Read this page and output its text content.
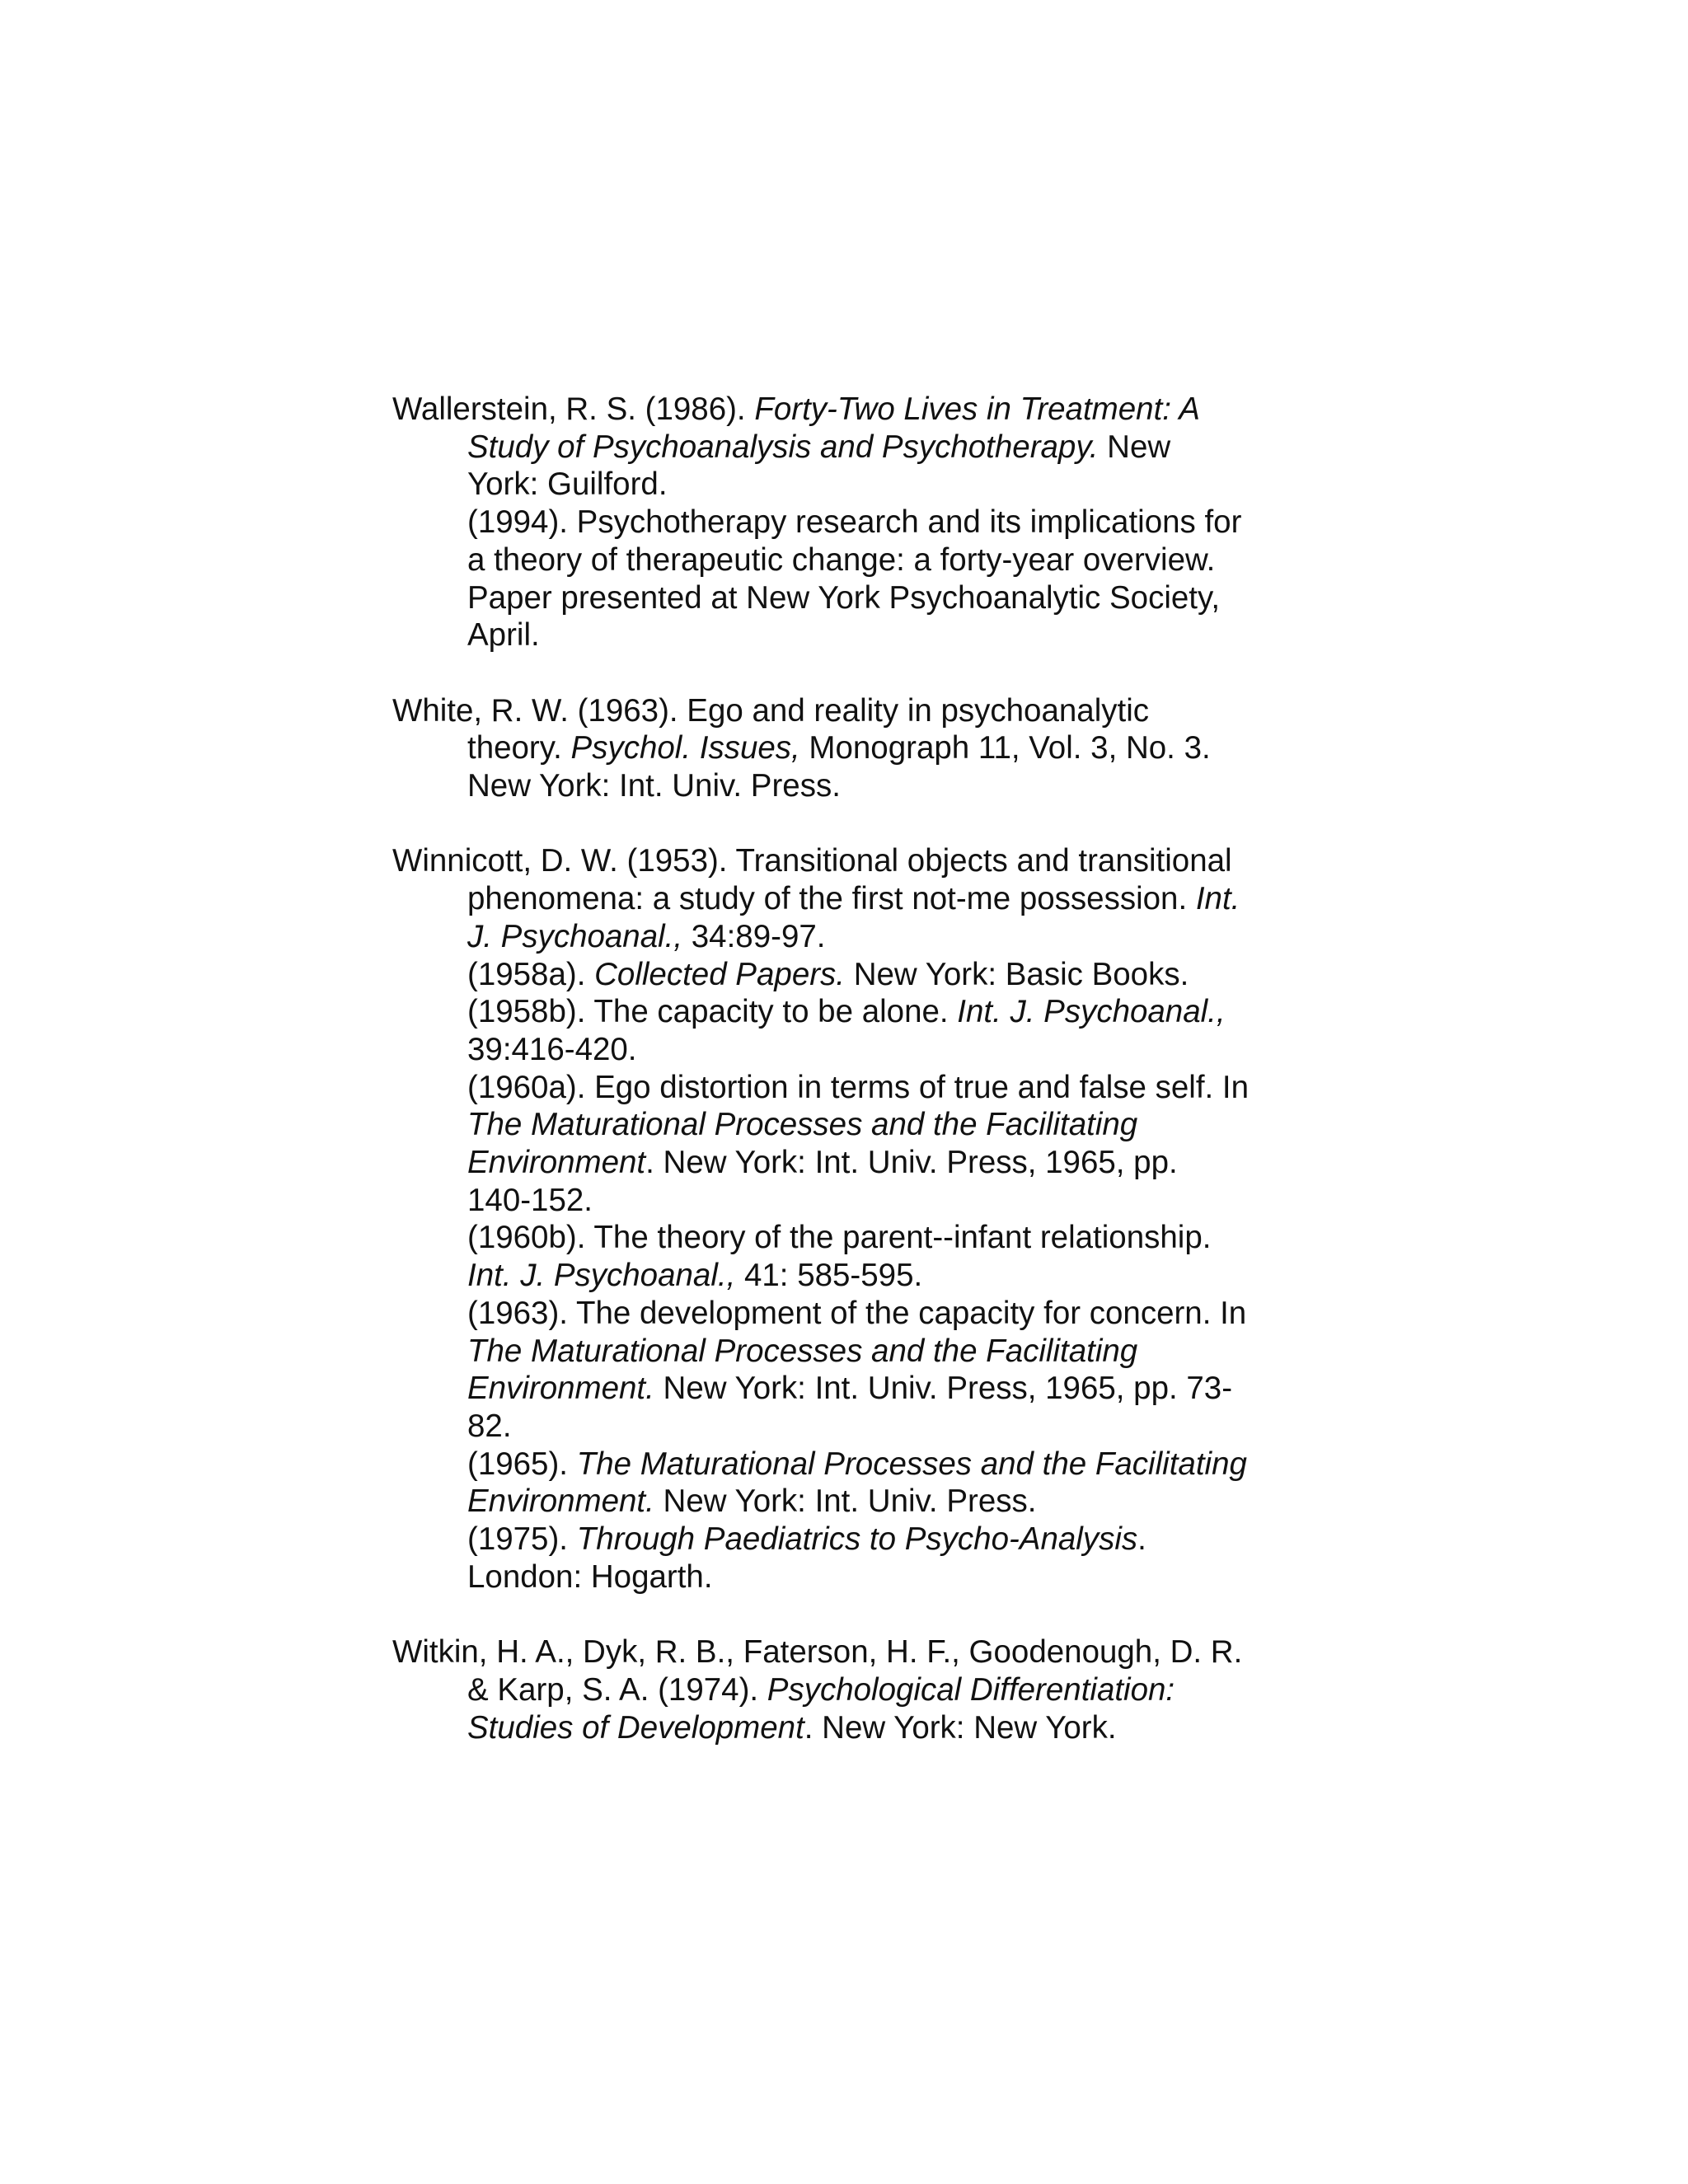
Wallerstein, R. S. (1986). Forty-Two Lives in Treatment: A
Study of Psychoanalysis and Psychotherapy. New
York: Guilford.
(1994). Psychotherapy research and its implications for
a theory of therapeutic change: a forty-year overview.
Paper presented at New York Psychoanalytic Society,
April.
White, R. W. (1963). Ego and reality in psychoanalytic
theory. Psychol. Issues, Monograph 11, Vol. 3, No. 3.
New York: Int. Univ. Press.
Winnicott, D. W. (1953). Transitional objects and transitional
phenomena: a study of the first not-me possession. Int.
J. Psychoanal., 34:89-97.
(1958a). Collected Papers. New York: Basic Books.
(1958b). The capacity to be alone. Int. J. Psychoanal.,
39:416-420.
(1960a). Ego distortion in terms of true and false self. In
The Maturational Processes and the Facilitating
Environment. New York: Int. Univ. Press, 1965, pp.
140-152.
(1960b). The theory of the parent--infant relationship.
Int. J. Psychoanal., 41: 585-595.
(1963). The development of the capacity for concern. In
The Maturational Processes and the Facilitating
Environment. New York: Int. Univ. Press, 1965, pp. 73-
82.
(1965). The Maturational Processes and the Facilitating
Environment. New York: Int. Univ. Press.
(1975). Through Paediatrics to Psycho-Analysis.
London: Hogarth.
Witkin, H. A., Dyk, R. B., Faterson, H. F., Goodenough, D. R.
& Karp, S. A. (1974). Psychological Differentiation:
Studies of Development. New York: New York.
